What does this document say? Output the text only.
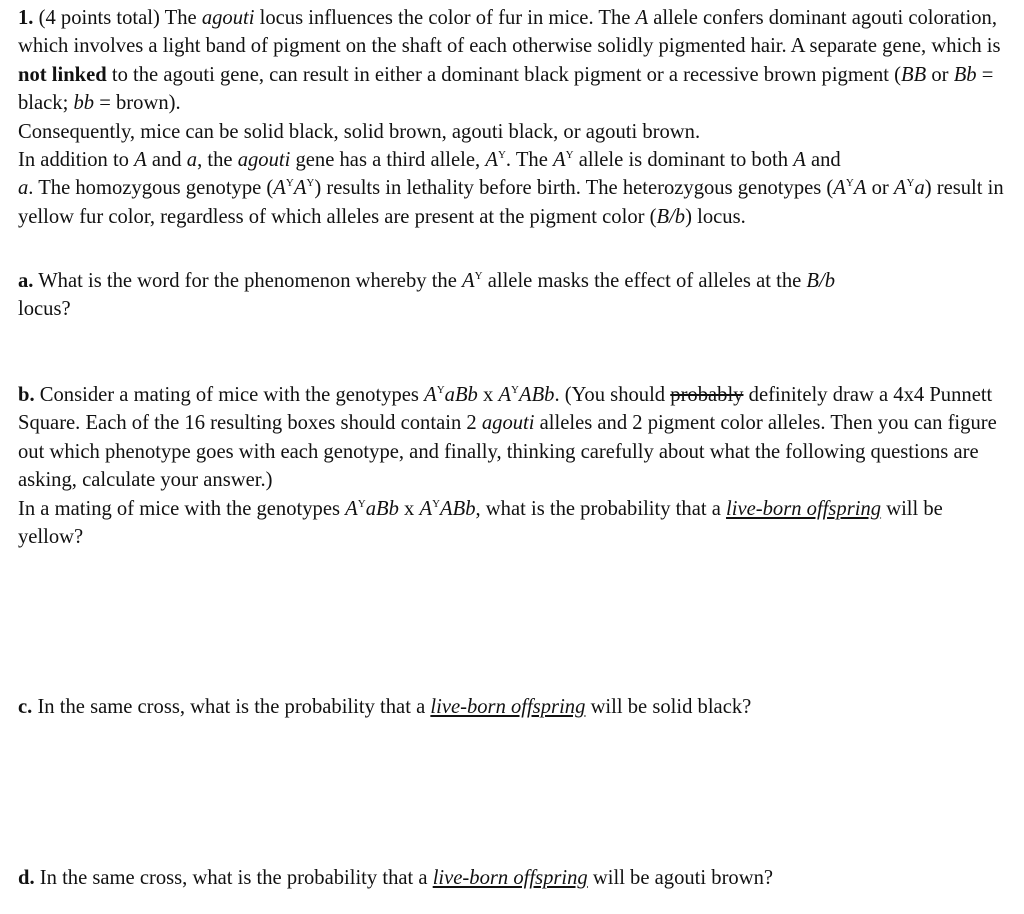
1. (4 points total) The agouti locus influences the color of fur in mice. The A allele confers dominant agouti coloration, which involves a light band of pigment on the shaft of each otherwise solidly pigmented hair. A separate gene, which is not linked to the agouti gene, can result in either a dominant black pigment or a recessive brown pigment (BB or Bb = black; bb = brown).
Consequently, mice can be solid black, solid brown, agouti black, or agouti brown.

In addition to A and a, the agouti gene has a third allele, $A^Y$. The $A^Y$ allele is dominant to both A and
a. The homozygous genotype $(A^YA^Y)$ results in lethality before birth. The heterozygous genotypes ($A^YA$ or $A^Ya$) result in yellow fur color, regardless of which alleles are present at the pigment color (B/b) locus.

a. What is the word for the phenomenon whereby the $A^Y$ allele masks the effect of alleles at the B/b
locus?

b. Consider a mating of mice with the genotypes $A^YaBb$ x $A^YABb$. (You should probably definitely draw a 4x4 Punnett Square. Each of the 16 resulting boxes should contain 2 agouti alleles and 2 pigment color alleles. Then you can figure out which phenotype goes with each genotype, and finally, thinking carefully about what the following questions are asking, calculate your answer.)
In a mating of mice with the genotypes $A^YaBb$ x $A^YABb$, what is the probability that a live-born offspring will be yellow?

c. In the same cross, what is the probability that a live-born offspring will be solid black?

d. In the same cross, what is the probability that a live-born offspring will be agouti brown?
